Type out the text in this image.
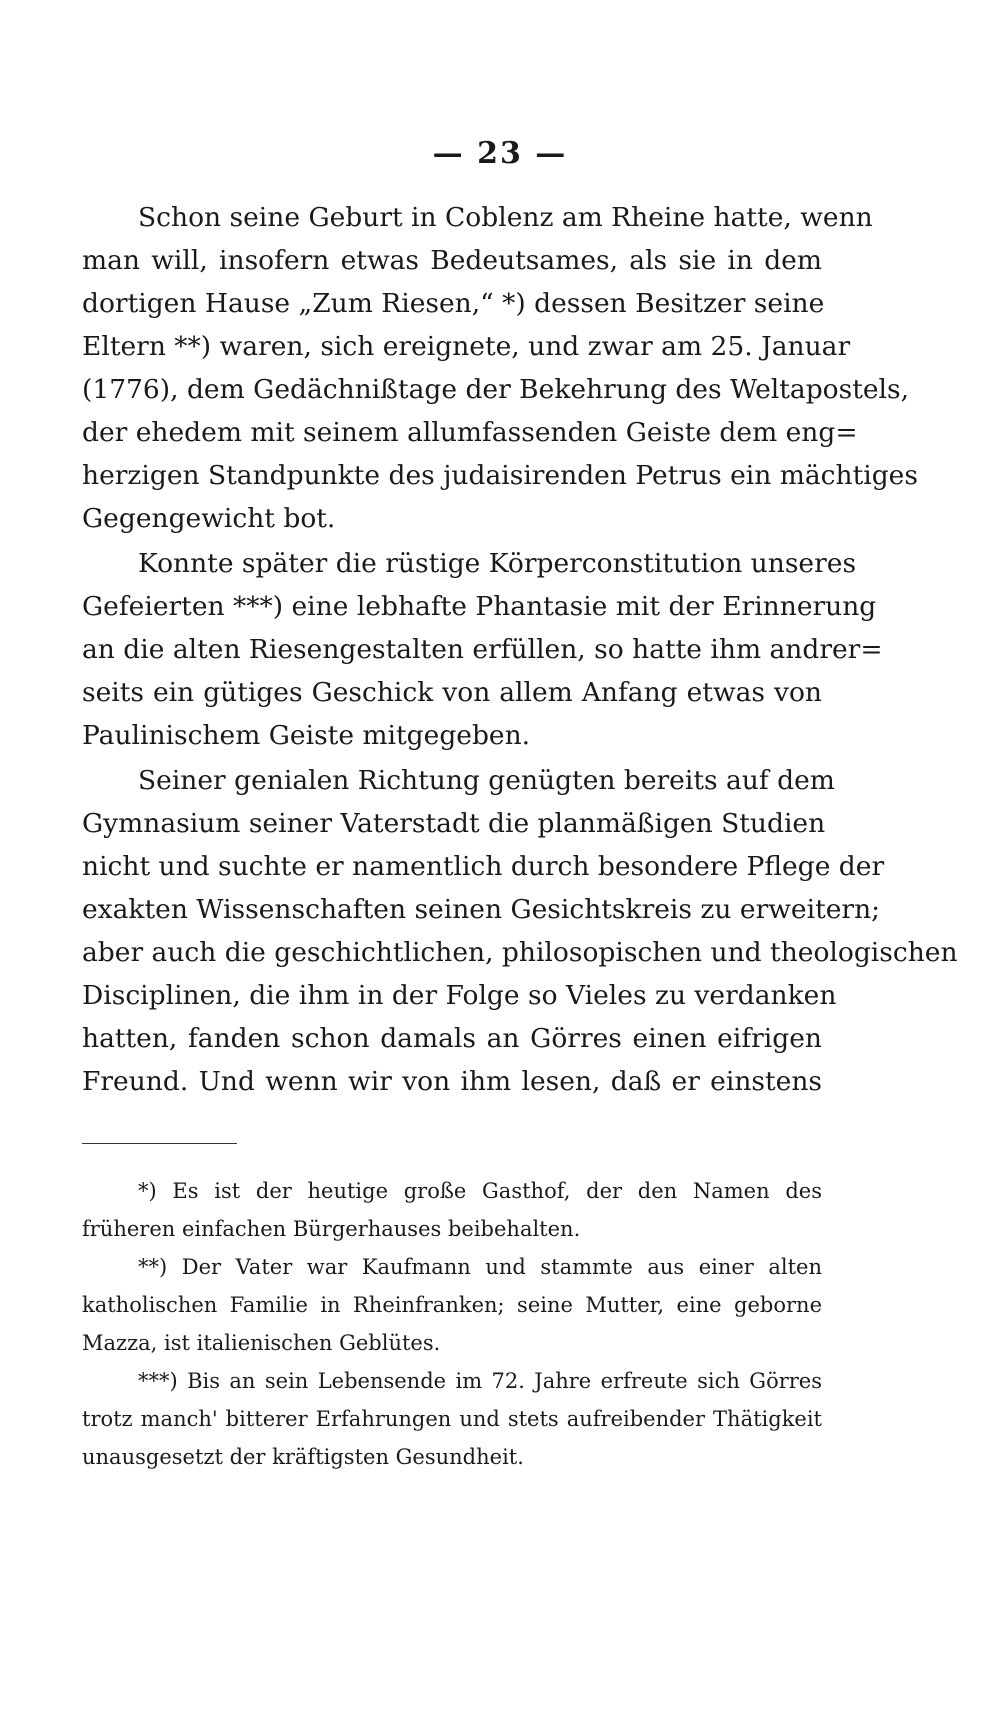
— 23 —
Schon seine Geburt in Coblenz am Rheine hatte, wenn
man will, insofern etwas Bedeutsames, als sie in dem
dortigen Hause „Zum Riesen,“ *) dessen Besitzer seine
Eltern **) waren, sich ereignete, und zwar am 25. Januar
(1776), dem Gedächnißtage der Bekehrung des Weltapostels,
der ehedem mit seinem allumfassenden Geiste dem eng=
herzigen Standpunkte des judaisirenden Petrus ein mächtiges
Gegengewicht bot.
Konnte später die rüstige Körperconstitution unseres
Gefeierten ***) eine lebhafte Phantasie mit der Erinnerung
an die alten Riesengestalten erfüllen, so hatte ihm andrer=
seits ein gütiges Geschick von allem Anfang etwas von
Paulinischem Geiste mitgegeben.
Seiner genialen Richtung genügten bereits auf dem
Gymnasium seiner Vaterstadt die planmäßigen Studien
nicht und suchte er namentlich durch besondere Pflege der
exakten Wissenschaften seinen Gesichtskreis zu erweitern;
aber auch die geschichtlichen, philosopischen und theologischen
Disciplinen, die ihm in der Folge so Vieles zu verdanken
hatten, fanden schon damals an Görres einen eifrigen
Freund. Und wenn wir von ihm lesen, daß er einstens
*) Es ist der heutige große Gasthof, der den Namen des
früheren einfachen Bürgerhauses beibehalten.
**) Der Vater war Kaufmann und stammte aus einer alten
katholischen Familie in Rheinfranken; seine Mutter, eine geborne
Mazza, ist italienischen Geblütes.
***) Bis an sein Lebensende im 72. Jahre erfreute sich Görres
trotz manch' bitterer Erfahrungen und stets aufreibender Thätigkeit
unausgesetzt der kräftigsten Gesundheit.
